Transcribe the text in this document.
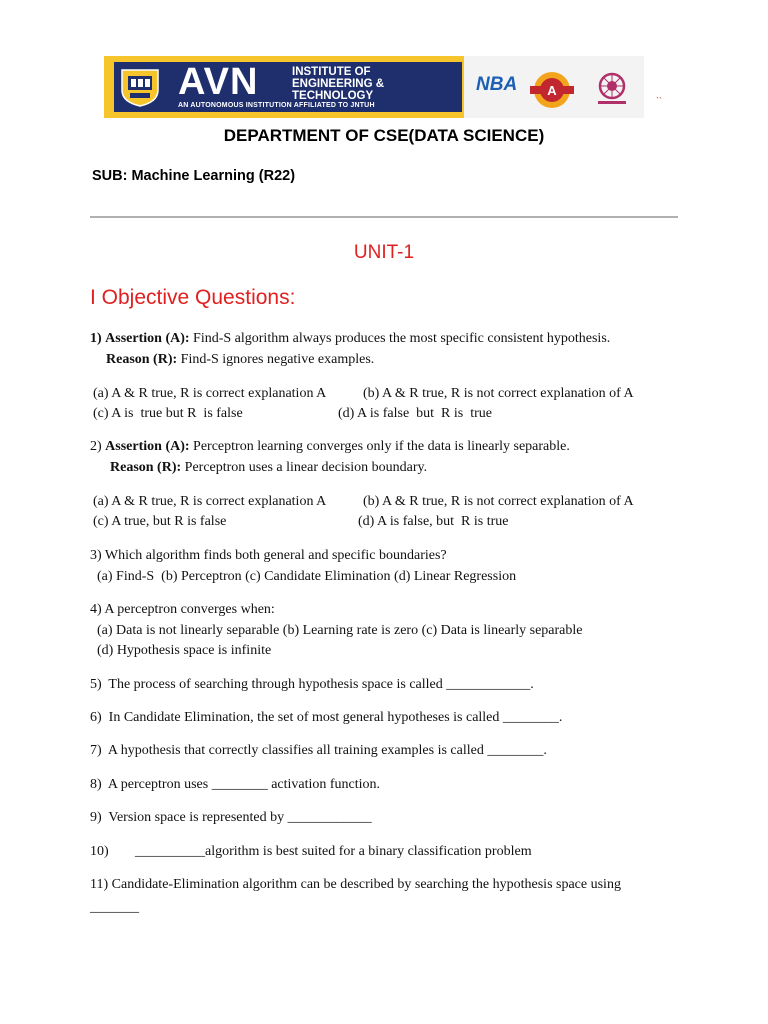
AVN	INSTITUTE OF
ENGINEERING &
TECHNOLOGY
AN AUTONOMOUS INSTITUTION AFFILIATED TO JNTUH
NBA A
``
DEPARTMENT OF CSE(DATA SCIENCE)
SUB: Machine Learning (R22)
UNIT-1
I Objective Questions:
1) Assertion (A): Find-S algorithm always produces the most specific consistent hypothesis.
Reason (R): Find-S ignores negative examples.
(a) A & R true, R is correct explanation A	(b) A & R true, R is not correct explanation of A
(c) A is  true but R  is false	(d) A is false  but  R is  true
2) Assertion (A): Perceptron learning converges only if the data is linearly separable.
Reason (R): Perceptron uses a linear decision boundary.
(a) A & R true, R is correct explanation A	(b) A & R true, R is not correct explanation of A
(c) A true, but R is false	(d) A is false, but  R is true
3) Which algorithm finds both general and specific boundaries?
(a) Find-S  (b) Perceptron (c) Candidate Elimination (d) Linear Regression
4) A perceptron converges when:
(a) Data is not linearly separable (b) Learning rate is zero (c) Data is linearly separable
(d) Hypothesis space is infinite
5)  The process of searching through hypothesis space is called ____________.
6)  In Candidate Elimination, the set of most general hypotheses is called ________.
7)  A hypothesis that correctly classifies all training examples is called ________.
8)  A perceptron uses ________ activation function.
9)  Version space is represented by ____________
10) __________algorithm is best suited for a binary classification problem
11) Candidate-Elimination algorithm can be described by searching the hypothesis space using
_______
